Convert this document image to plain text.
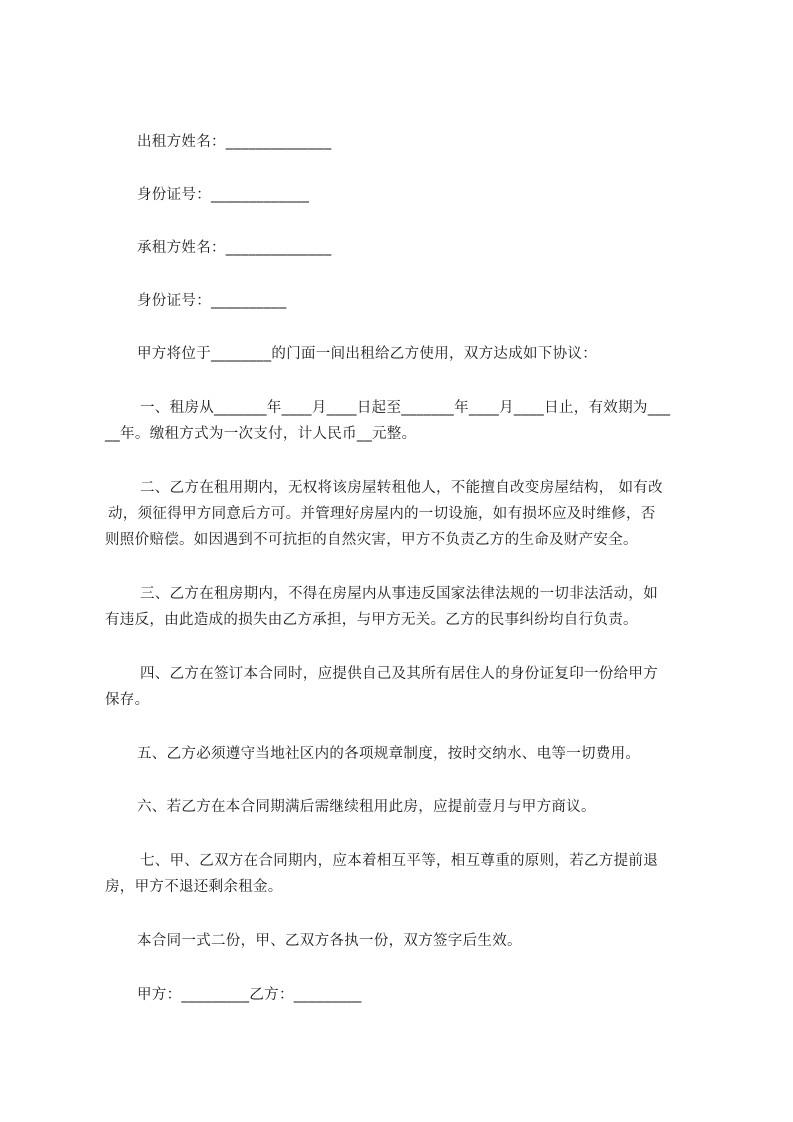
出租方姓名：______________

身份证号：_____________

承租方姓名：______________

身份证号：__________

甲方将位于________的门面一间出租给乙方使用，双方达成如下协议：

一、租房从_______年____月____日起至_______年____月____日止，有效期为___

__年。缴租方式为一次支付，计人民币__元整。

二、乙方在租用期内，无权将该房屋转租他人，不能擅自改变房屋结构， 如有改

动，须征得甲方同意后方可。并管理好房屋内的一切设施，如有损坏应及时维修，否

则照价赔偿。如因遇到不可抗拒的自然灾害，甲方不负责乙方的生命及财产安全。

三、乙方在租房期内，不得在房屋内从事违反国家法律法规的一切非法活动，如

有违反，由此造成的损失由乙方承担，与甲方无关。乙方的民事纠纷均自行负责。

四、乙方在签订本合同时，应提供自己及其所有居住人的身份证复印一份给甲方

保存。

五、乙方必须遵守当地社区内的各项规章制度，按时交纳水、电等一切费用。

六、若乙方在本合同期满后需继续租用此房，应提前壹月与甲方商议。

七、甲、乙双方在合同期内，应本着相互平等，相互尊重的原则，若乙方提前退

房，甲方不退还剩余租金。

本合同一式二份，甲、乙双方各执一份，双方签字后生效。

甲方：_________乙方：_________
